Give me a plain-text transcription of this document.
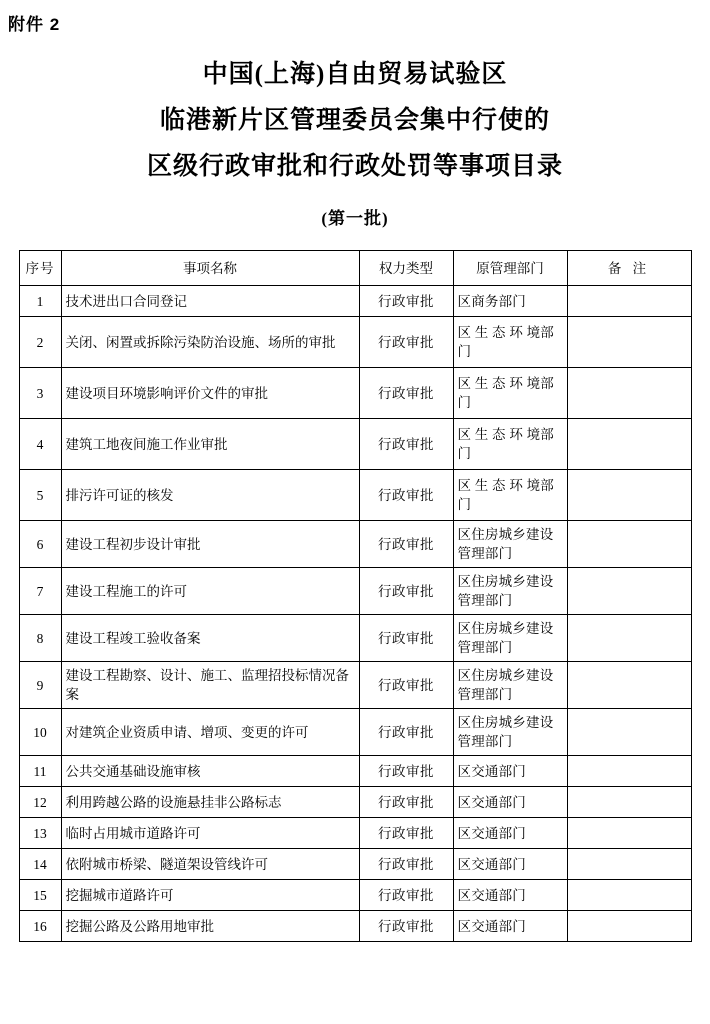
附件 2
中国(上海)自由贸易试验区
临港新片区管理委员会集中行使的
区级行政审批和行政处罚等事项目录
(第一批)
序号	事项名称	权力类型	原管理部门	备 注
1	技术进出口合同登记	行政审批	区商务部门	
2	关闭、闲置或拆除污染防治设施、场所的审批	行政审批	区 生 态 环 境部门	
3	建设项目环境影响评价文件的审批	行政审批	区 生 态 环 境部门	
4	建筑工地夜间施工作业审批	行政审批	区 生 态 环 境部门	
5	排污许可证的核发	行政审批	区 生 态 环 境部门	
6	建设工程初步设计审批	行政审批	区住房城乡建设管理部门	
7	建设工程施工的许可	行政审批	区住房城乡建设管理部门	
8	建设工程竣工验收备案	行政审批	区住房城乡建设管理部门	
9	建设工程勘察、设计、施工、监理招投标情况备案	行政审批	区住房城乡建设管理部门	
10	对建筑企业资质申请、增项、变更的许可	行政审批	区住房城乡建设管理部门	
11	公共交通基础设施审核	行政审批	区交通部门	
12	利用跨越公路的设施悬挂非公路标志	行政审批	区交通部门	
13	临时占用城市道路许可	行政审批	区交通部门	
14	依附城市桥梁、隧道架设管线许可	行政审批	区交通部门	
15	挖掘城市道路许可	行政审批	区交通部门	
16	挖掘公路及公路用地审批	行政审批	区交通部门	
